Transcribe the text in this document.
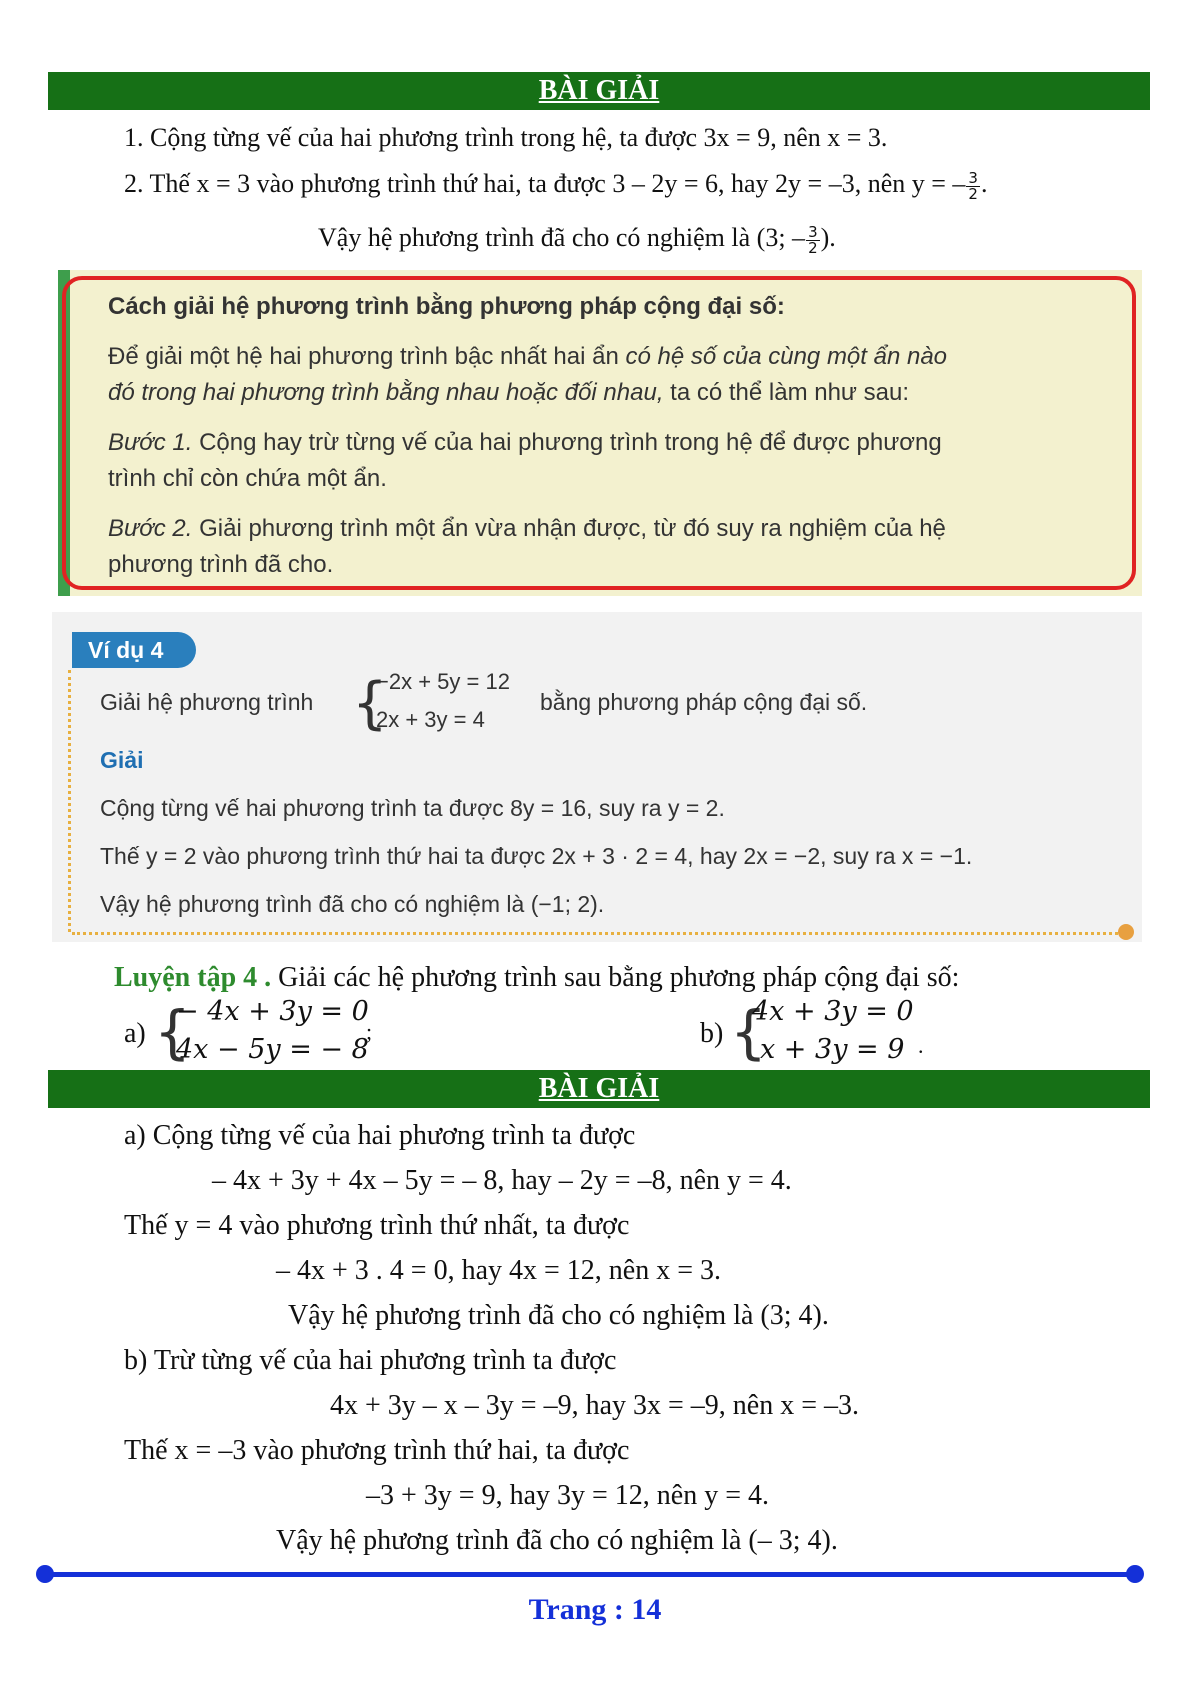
BÀI GIẢI
1. Cộng từng vế của hai phương trình trong hệ, ta được 3x = 9, nên x = 3.
2. Thế x = 3 vào phương trình thứ hai, ta được 3 – 2y = 6, hay 2y = –3, nên y = – $\frac{3}{2}$ .
Vậy hệ phương trình đã cho có nghiệm là (3; – $\frac{3}{2}$ ).
Cách giải hệ phương trình bằng phương pháp cộng đại số:
Để giải một hệ hai phương trình bậc nhất hai ẩn có hệ số của cùng một ẩn nào
đó trong hai phương trình bằng nhau hoặc đối nhau, ta có thể làm như sau:
Bước 1. Cộng hay trừ từng vế của hai phương trình trong hệ để được phương
trình chỉ còn chứa một ẩn.
Bước 2. Giải phương trình một ẩn vừa nhận được, từ đó suy ra nghiệm của hệ
phương trình đã cho.
Ví dụ 4
Giải hệ phương trình {
−2x + 5y = 12
2x + 3y = 4
bằng phương pháp cộng đại số.
Giải
Cộng từng vế hai phương trình ta được 8y = 16, suy ra y = 2.
Thế y = 2 vào phương trình thứ hai ta được 2x + 3 · 2 = 4, hay 2x = −2, suy ra x = −1.
Vậy hệ phương trình đã cho có nghiệm là (−1; 2).
Luyện tập 4 . Giải các hệ phương trình sau bằng phương pháp cộng đại số:
a) {
− 4x + 3y = 0
4x − 5y = − 8
;	b) {
4x + 3y = 0
x + 3y = 9 .
BÀI GIẢI
a) Cộng từng vế của hai phương trình ta được
– 4x + 3y + 4x – 5y = – 8, hay – 2y = –8, nên y = 4.
Thế y = 4 vào phương trình thứ nhất, ta được
– 4x + 3 . 4 = 0, hay 4x = 12, nên x = 3.
Vậy hệ phương trình đã cho có nghiệm là (3; 4).
b) Trừ từng vế của hai phương trình ta được
4x + 3y – x – 3y = –9, hay 3x = –9, nên x = –3.
Thế x = –3 vào phương trình thứ hai, ta được
–3 + 3y = 9, hay 3y = 12, nên y = 4.
Vậy hệ phương trình đã cho có nghiệm là (– 3; 4).
Trang : 14
